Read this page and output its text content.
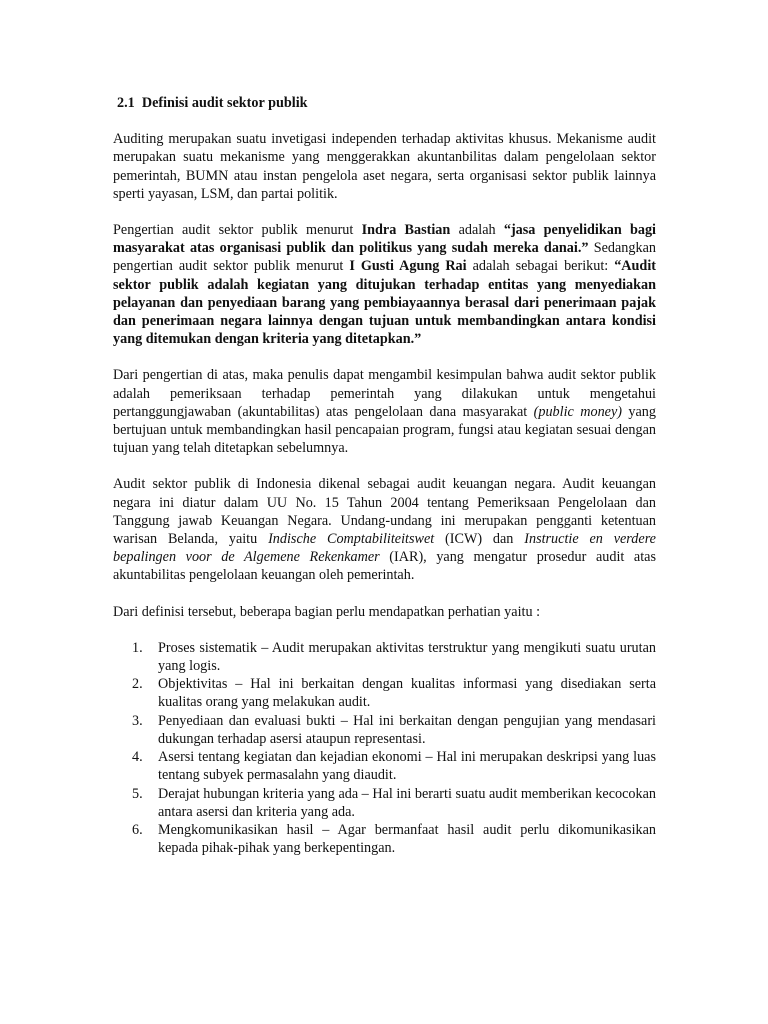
2.1 Definisi audit sektor publik

Auditing merupakan suatu invetigasi independen terhadap aktivitas khusus. Mekanisme audit merupakan suatu mekanisme yang menggerakkan akuntanbilitas dalam pengelolaan sektor pemerintah, BUMN atau instan pengelola aset negara, serta organisasi sektor publik lainnya sperti yayasan, LSM, dan partai politik.

Pengertian audit sektor publik menurut Indra Bastian adalah “jasa penyelidikan bagi masyarakat atas organisasi publik dan politikus yang sudah mereka danai.” Sedangkan pengertian audit sektor publik menurut I Gusti Agung Rai adalah sebagai berikut: “Audit sektor publik adalah kegiatan yang ditujukan terhadap entitas yang menyediakan pelayanan dan penyediaan barang yang pembiayaannya berasal dari penerimaan pajak dan penerimaan negara lainnya dengan tujuan untuk membandingkan antara kondisi yang ditemukan dengan kriteria yang ditetapkan.”

Dari pengertian di atas, maka penulis dapat mengambil kesimpulan bahwa audit sektor publik adalah pemeriksaan terhadap pemerintah yang dilakukan untuk mengetahui pertanggungjawaban (akuntabilitas) atas pengelolaan dana masyarakat (public money) yang bertujuan untuk membandingkan hasil pencapaian program, fungsi atau kegiatan sesuai dengan tujuan yang telah ditetapkan sebelumnya.

Audit sektor publik di Indonesia dikenal sebagai audit keuangan negara. Audit keuangan negara ini diatur dalam UU No. 15 Tahun 2004 tentang Pemeriksaan Pengelolaan dan Tanggung jawab Keuangan Negara. Undang-undang ini merupakan pengganti ketentuan warisan Belanda, yaitu Indische Comptabiliteitswet (ICW) dan Instructie en verdere bepalingen voor de Algemene Rekenkamer (IAR), yang mengatur prosedur audit atas akuntabilitas pengelolaan keuangan oleh pemerintah.

Dari definisi tersebut, beberapa bagian perlu mendapatkan perhatian yaitu :

1. Proses sistematik – Audit merupakan aktivitas terstruktur yang mengikuti suatu urutan yang logis.
2. Objektivitas – Hal ini berkaitan dengan kualitas informasi yang disediakan serta kualitas orang yang melakukan audit.
3. Penyediaan dan evaluasi bukti – Hal ini berkaitan dengan pengujian yang mendasari dukungan terhadap asersi ataupun representasi.
4. Asersi tentang kegiatan dan kejadian ekonomi – Hal ini merupakan deskripsi yang luas tentang subyek permasalahn yang diaudit.
5. Derajat hubungan kriteria yang ada – Hal ini berarti suatu audit memberikan kecocokan antara asersi dan kriteria yang ada.
6. Mengkomunikasikan hasil – Agar bermanfaat hasil audit perlu dikomunikasikan kepada pihak-pihak yang berkepentingan.
